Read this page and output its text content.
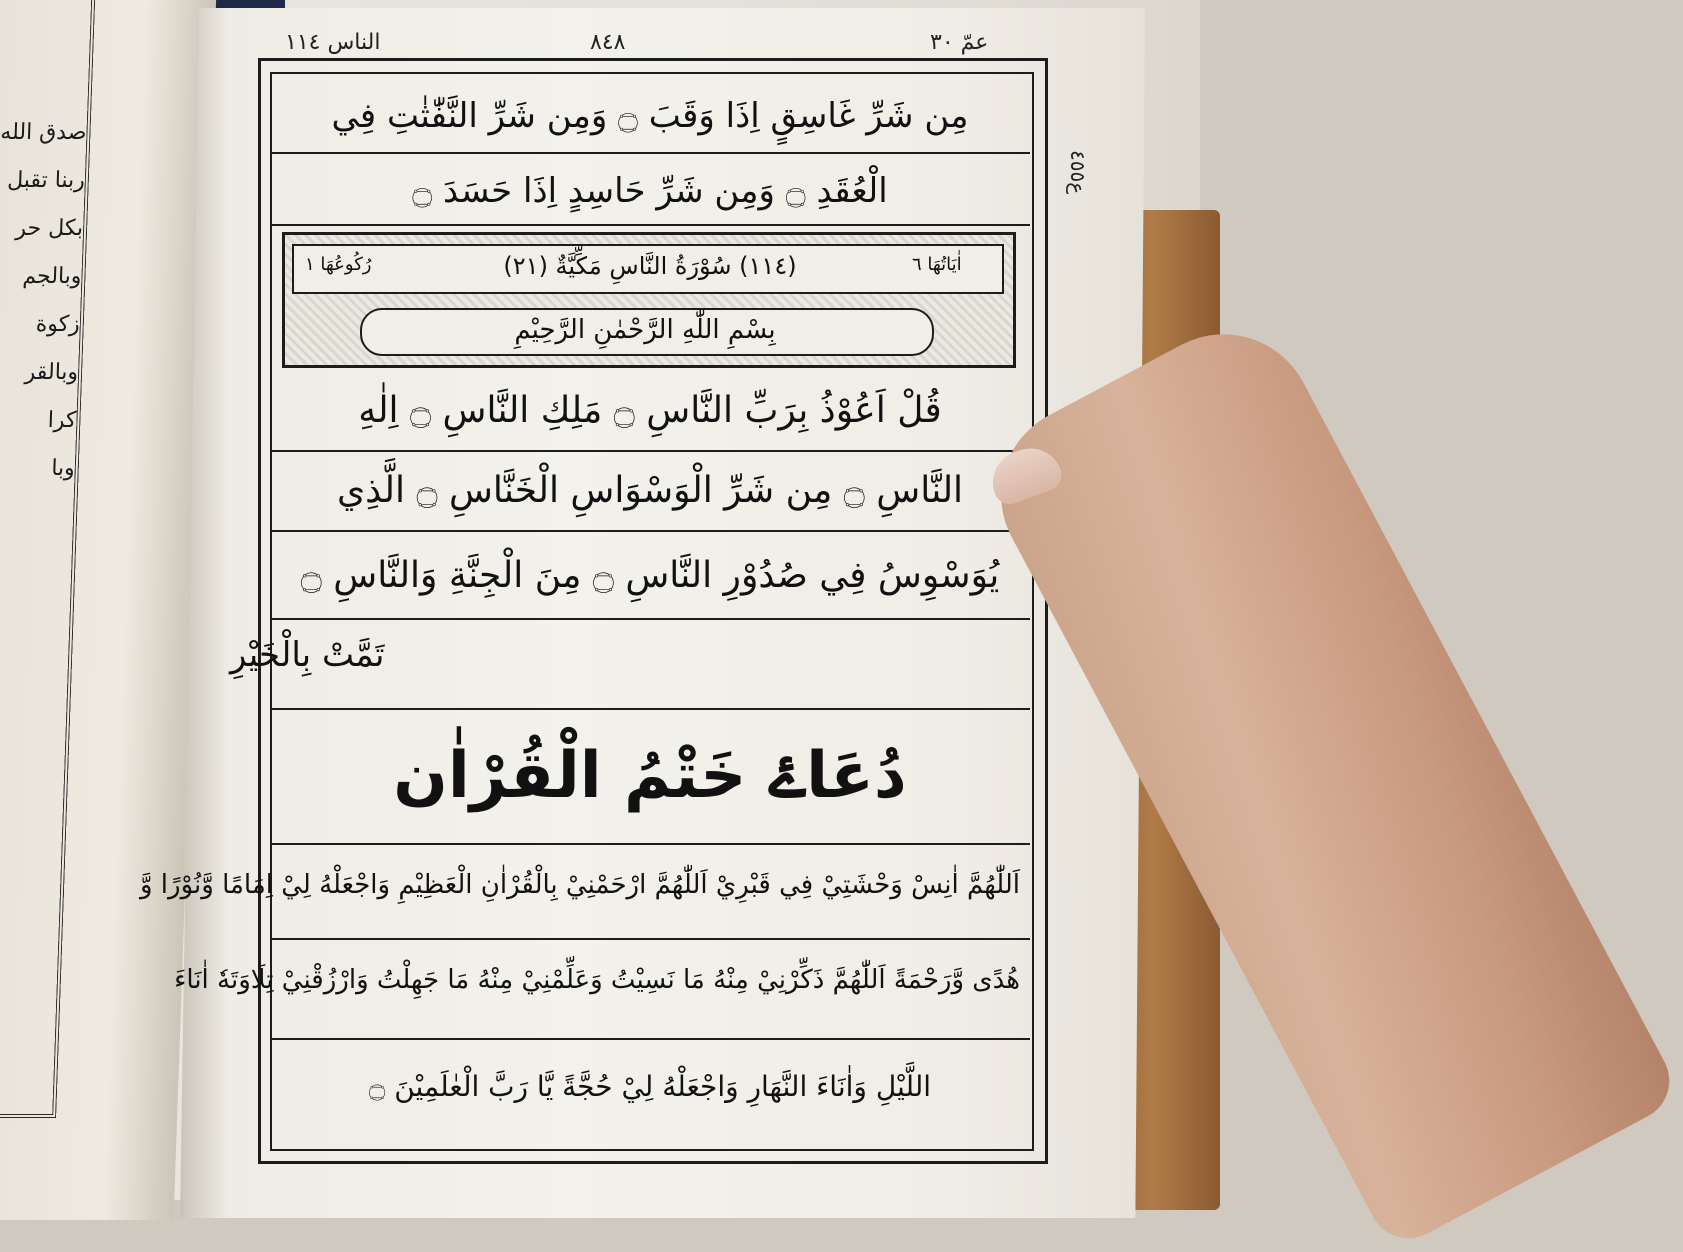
صدق الله
ربنا تقبل
بكل حر
وبالجم
زكوة
وبالقر
كرا
وبا
عمّ ٣٠
٨٤٨
الناس ١١٤
ع٤٥٥
مِن شَرِّ غَاسِقٍ اِذَا وَقَبَ ۝ وَمِن شَرِّ النَّفّٰثٰتِ فِي
الْعُقَدِ ۝ وَمِن شَرِّ حَاسِدٍ اِذَا حَسَدَ ۝
اٰيَاتُهَا ٦
رُكُوعُهَا ١	(١١٤) سُوْرَةُ النَّاسِ مَكِّيَّةٌ (٢١)
بِسْمِ اللّٰهِ الرَّحْمٰنِ الرَّحِيْمِ
قُلْ اَعُوْذُ بِرَبِّ النَّاسِ ۝ مَلِكِ النَّاسِ ۝ اِلٰهِ
النَّاسِ ۝ مِن شَرِّ الْوَسْوَاسِ الْخَنَّاسِ ۝ الَّذِي
يُوَسْوِسُ فِي صُدُوْرِ النَّاسِ ۝ مِنَ الْجِنَّةِ وَالنَّاسِ ۝
تَمَّتْ بِالْخَيْرِ
دُعَاۓ خَتْمُ الْقُرْاٰن
اَللّٰهُمَّ اٰنِسْ وَحْشَتِيْ فِي قَبْرِيْ اَللّٰهُمَّ ارْحَمْنِيْ بِالْقُرْاٰنِ الْعَظِيْمِ وَاجْعَلْهُ لِيْ اِمَامًا وَّنُوْرًا وَّ
هُدًى وَّرَحْمَةً اَللّٰهُمَّ ذَكِّرْنِيْ مِنْهُ مَا نَسِيْتُ وَعَلِّمْنِيْ مِنْهُ مَا جَهِلْتُ وَارْزُقْنِيْ تِلَاوَتَهٗ اٰنَاءَ
اللَّيْلِ وَاٰنَاءَ النَّهَارِ وَاجْعَلْهُ لِيْ حُجَّةً يَّا رَبَّ الْعٰلَمِيْنَ ۝
